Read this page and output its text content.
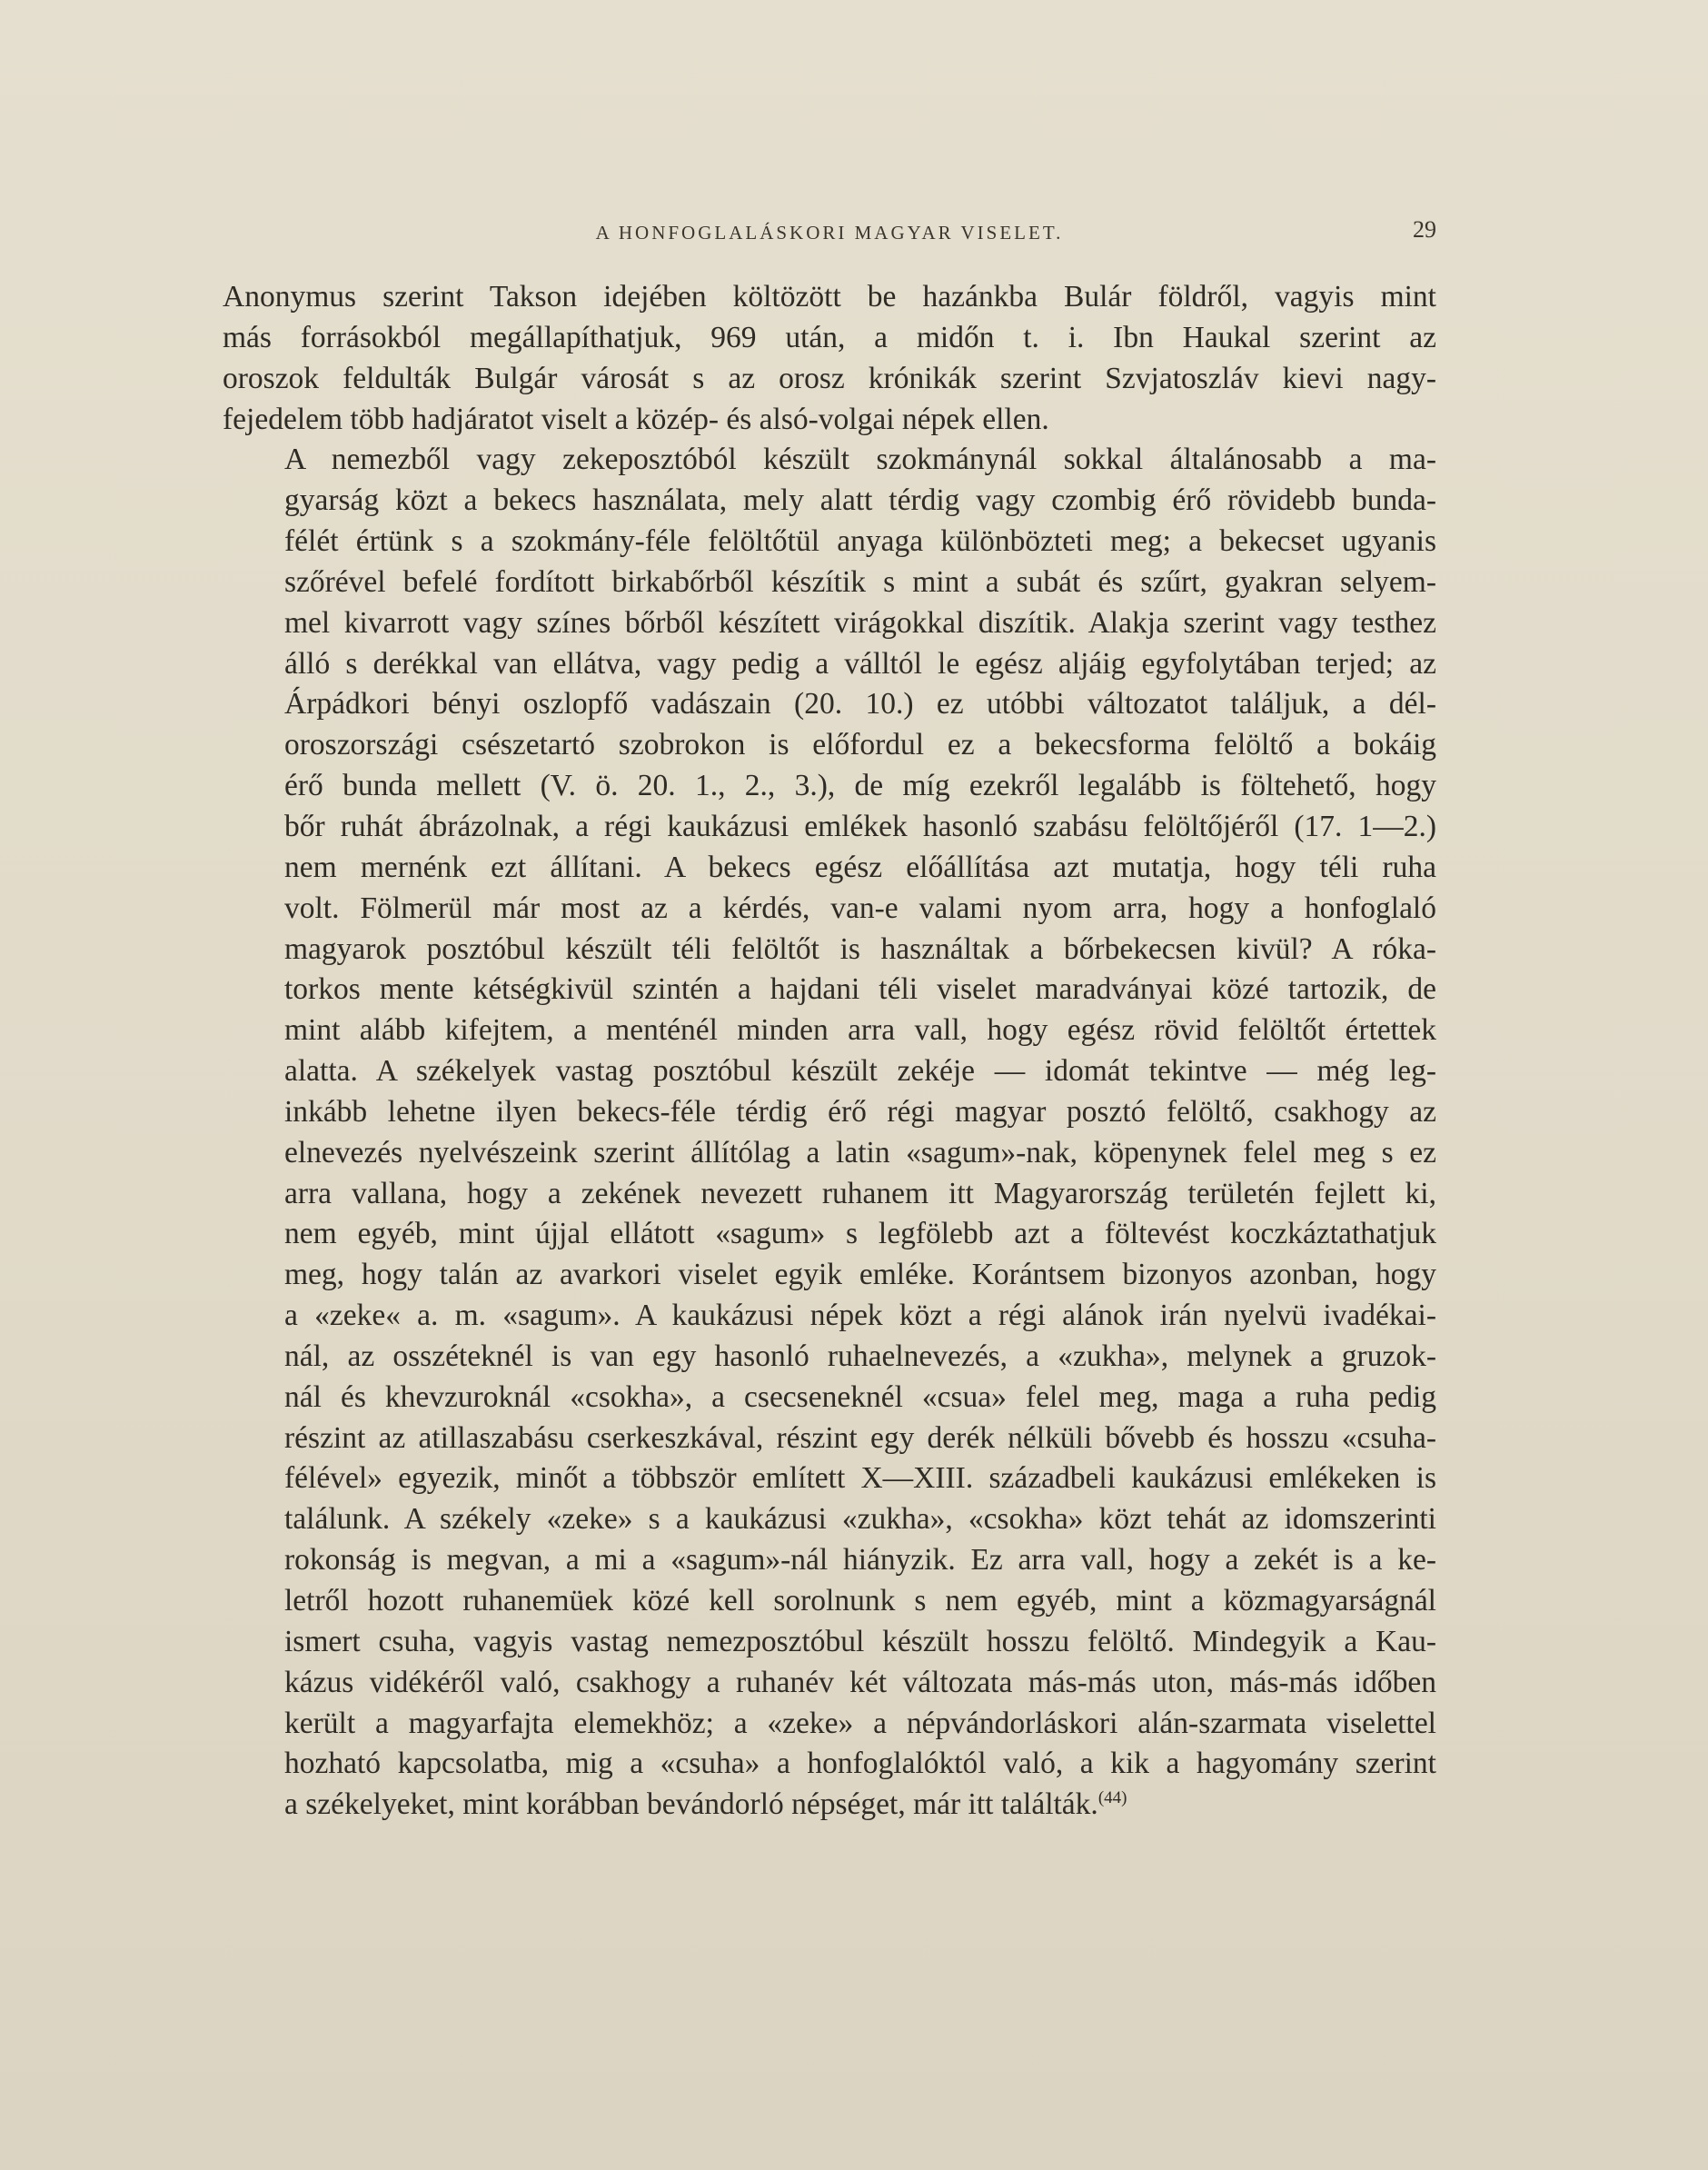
A HONFOGLALÁSKORI MAGYAR VISELET.	29

Anonymus szerint Takson idejében költözött be hazánkba Bulár földről, vagyis mint
más forrásokból megállapíthatjuk, 969 után, a midőn t. i. Ibn Haukal szerint az
oroszok feldulták Bulgár városát s az orosz krónikák szerint Szvjatoszláv kievi nagy-
fejedelem több hadjáratot viselt a közép- és alsó-volgai népek ellen.

A nemezből vagy zekeposztóból készült szokmánynál sokkal általánosabb a ma-
gyarság közt a bekecs használata, mely alatt térdig vagy czombig érő rövidebb bunda-
félét értünk s a szokmány-féle felöltőtül anyaga különbözteti meg; a bekecset ugyanis
szőrével befelé fordított birkabőrből készítik s mint a subát és szűrt, gyakran selyem-
mel kivarrott vagy színes bőrből készített virágokkal diszítik. Alakja szerint vagy testhez
álló s derékkal van ellátva, vagy pedig a válltól le egész aljáig egyfolytában terjed; az
Árpádkori bényi oszlopfő vadászain (20. 10.) ez utóbbi változatot találjuk, a dél-
oroszországi csészetartó szobrokon is előfordul ez a bekecsforma felöltő a bokáig
érő bunda mellett (V. ö. 20. 1., 2., 3.), de míg ezekről legalább is föltehető, hogy
bőr ruhát ábrázolnak, a régi kaukázusi emlékek hasonló szabásu felöltőjéről (17. 1—2.)
nem mernénk ezt állítani. A bekecs egész előállítása azt mutatja, hogy téli ruha
volt. Fölmerül már most az a kérdés, van-e valami nyom arra, hogy a honfoglaló
magyarok posztóbul készült téli felöltőt is használtak a bőrbekecsen kivül? A róka-
torkos mente kétségkivül szintén a hajdani téli viselet maradványai közé tartozik, de
mint alább kifejtem, a menténél minden arra vall, hogy egész rövid felöltőt értettek
alatta. A székelyek vastag posztóbul készült zekéje — idomát tekintve — még leg-
inkább lehetne ilyen bekecs-féle térdig érő régi magyar posztó felöltő, csakhogy az
elnevezés nyelvészeink szerint állítólag a latin «sagum»-nak, köpenynek felel meg s ez
arra vallana, hogy a zekének nevezett ruhanem itt Magyarország területén fejlett ki,
nem egyéb, mint újjal ellátott «sagum» s legfölebb azt a föltevést koczkáztathatjuk
meg, hogy talán az avarkori viselet egyik emléke. Korántsem bizonyos azonban, hogy
a «zeke« a. m. «sagum». A kaukázusi népek közt a régi alánok irán nyelvü ivadékai-
nál, az osszéteknél is van egy hasonló ruhaelnevezés, a «zukha», melynek a gruzok-
nál és khevzuroknál «csokha», a csecseneknél «csua» felel meg, maga a ruha pedig
részint az atillaszabásu cserkeszkával, részint egy derék nélküli bővebb és hosszu «csuha-
félével» egyezik, minőt a többször említett X—XIII. századbeli kaukázusi emlékeken is
találunk. A székely «zeke» s a kaukázusi «zukha», «csokha» közt tehát az idomszerinti
rokonság is megvan, a mi a «sagum»-nál hiányzik. Ez arra vall, hogy a zekét is a ke-
letről hozott ruhanemüek közé kell sorolnunk s nem egyéb, mint a közmagyarságnál
ismert csuha, vagyis vastag nemezposztóbul készült hosszu felöltő. Mindegyik a Kau-
kázus vidékéről való, csakhogy a ruhanév két változata más-más uton, más-más időben
került a magyarfajta elemekhöz; a «zeke» a népvándorláskori alán-szarmata viselettel
hozható kapcsolatba, mig a «csuha» a honfoglalóktól való, a kik a hagyomány szerint
a székelyeket, mint korábban bevándorló népséget, már itt találták.$^{(44)}$
